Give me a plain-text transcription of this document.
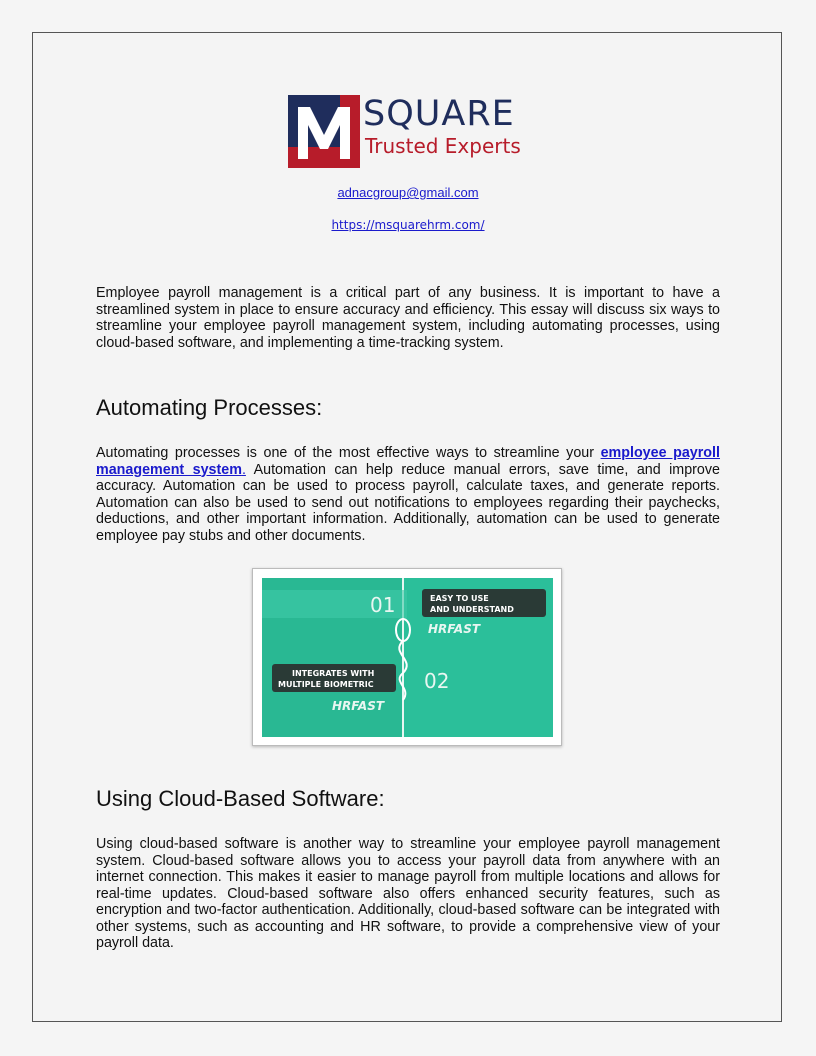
SQUARE
Trusted Experts
adnacgroup@gmail.com
https://msquarehrm.com/

Employee payroll management is a critical part of any business. It is important to have a streamlined system in place to ensure accuracy and efficiency. This essay will discuss six ways to streamline your employee payroll management system, including automating processes, using cloud-based software, and implementing a time-tracking system.

Automating Processes:

Automating processes is one of the most effective ways to streamline your employee payroll management system. Automation can help reduce manual errors, save time, and improve accuracy. Automation can be used to process payroll, calculate taxes, and generate reports. Automation can also be used to send out notifications to employees regarding their paychecks, deductions, and other important information. Additionally, automation can be used to generate employee pay stubs and other documents.

01	EASY TO USE
AND UNDERSTAND
HRFAST
INTEGRATES WITH
MULTIPLE BIOMETRIC
HRFAST
02
Using Cloud-Based Software:

Using cloud-based software is another way to streamline your employee payroll management system. Cloud-based software allows you to access your payroll data from anywhere with an internet connection. This makes it easier to manage payroll from multiple locations and allows for real-time updates. Cloud-based software also offers enhanced security features, such as encryption and two-factor authentication. Additionally, cloud-based software can be integrated with other systems, such as accounting and HR software, to provide a comprehensive view of your payroll data.
